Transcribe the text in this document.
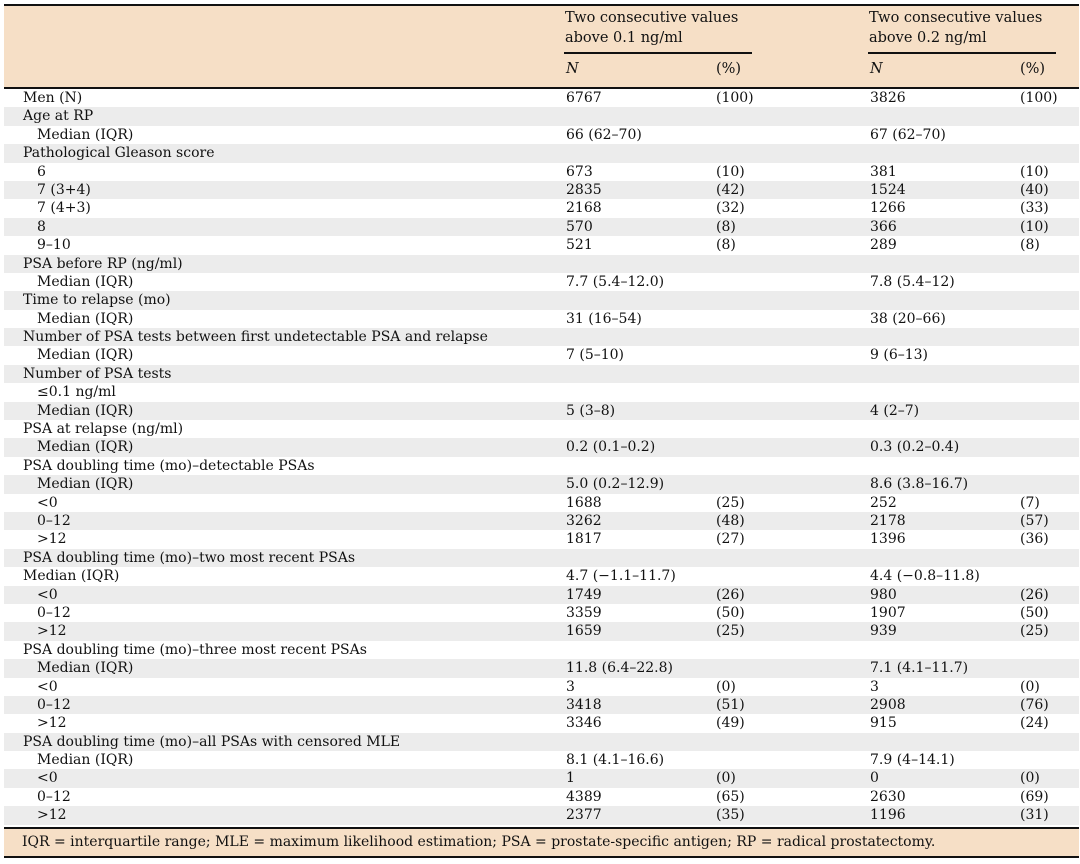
Two consecutive values
above 0.1 ng/ml
Two consecutive values
above 0.2 ng/ml
N	(%)	N	(%)
Men (N)	6767	(100)	3826	(100)
Age at RP
Median (IQR)	66 (62–70)	67 (62–70)
Pathological Gleason score
6	673	(10)	381	(10)
7 (3+4)	2835	(42)	1524	(40)
7 (4+3)	2168	(32)	1266	(33)
8	570	(8)	366	(10)
9–10	521	(8)	289	(8)
PSA before RP (ng/ml)
Median (IQR)	7.7 (5.4–12.0)	7.8 (5.4–12)
Time to relapse (mo)
Median (IQR)	31 (16–54)	38 (20–66)
Number of PSA tests between first undetectable PSA and relapse
Median (IQR)	7 (5–10)	9 (6–13)
Number of PSA tests
≤0.1 ng/ml
Median (IQR)	5 (3–8)	4 (2–7)
PSA at relapse (ng/ml)
Median (IQR)	0.2 (0.1–0.2)	0.3 (0.2–0.4)
PSA doubling time (mo)–detectable PSAs
Median (IQR)	5.0 (0.2–12.9)	8.6 (3.8–16.7)
<0	1688	(25)	252	(7)
0–12	3262	(48)	2178	(57)
>12	1817	(27)	1396	(36)
PSA doubling time (mo)–two most recent PSAs
Median (IQR)	4.7 (−1.1–11.7)	4.4 (−0.8–11.8)
<0	1749	(26)	980	(26)
0–12	3359	(50)	1907	(50)
>12	1659	(25)	939	(25)
PSA doubling time (mo)–three most recent PSAs
Median (IQR)	11.8 (6.4–22.8)	7.1 (4.1–11.7)
<0	3	(0)	3	(0)
0–12	3418	(51)	2908	(76)
>12	3346	(49)	915	(24)
PSA doubling time (mo)–all PSAs with censored MLE
Median (IQR)	8.1 (4.1–16.6)	7.9 (4–14.1)
<0	1	(0)	0	(0)
0–12	4389	(65)	2630	(69)
>12	2377	(35)	1196	(31)
IQR = interquartile range; MLE = maximum likelihood estimation; PSA = prostate-specific antigen; RP = radical prostatectomy.
